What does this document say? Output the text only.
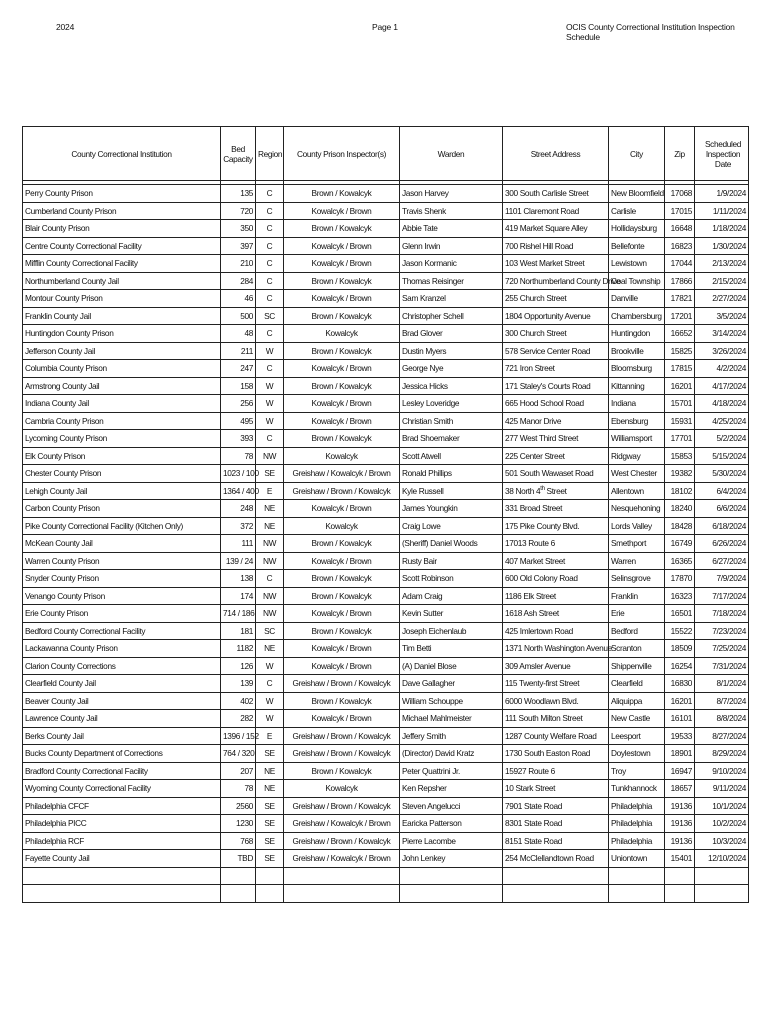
2024	Page 1	OCIS County Correctional Institution Inspection Schedule
County Correctional Institution	Bed Capacity	Region	County Prison Inspector(s)	Warden	Street Address	City	Zip	Scheduled Inspection Date

Perry County Prison	135	C	Brown / Kowalcyk	Jason Harvey	300 South Carlisle Street	New Bloomfield	17068	1/9/2024
Cumberland County Prison	720	C	Kowalcyk / Brown	Travis Shenk	1101 Claremont Road	Carlisle	17015	1/11/2024
Blair County Prison	350	C	Brown / Kowalcyk	Abbie Tate	419 Market Square Alley	Hollidaysburg	16648	1/18/2024
Centre County Correctional Facility	397	C	Kowalcyk / Brown	Glenn Irwin	700 Rishel Hill Road	Bellefonte	16823	1/30/2024
Mifflin County Correctional Facility	210	C	Kowalcyk / Brown	Jason Kormanic	103 West Market Street	Lewistown	17044	2/13/2024
Northumberland County Jail	284	C	Brown / Kowalcyk	Thomas Reisinger	720 Northumberland County Drive	Coal Township	17866	2/15/2024
Montour County Prison	46	C	Kowalcyk / Brown	Sam Kranzel	255 Church Street	Danville	17821	2/27/2024
Franklin County Jail	500	SC	Brown / Kowalcyk	Christopher Schell	1804 Opportunity Avenue	Chambersburg	17201	3/5/2024
Huntingdon County Prison	48	C	Kowalcyk	Brad Glover	300 Church Street	Huntingdon	16652	3/14/2024
Jefferson County Jail	211	W	Brown / Kowalcyk	Dustin Myers	578 Service Center Road	Brookville	15825	3/26/2024
Columbia County Prison	247	C	Kowalcyk / Brown	George Nye	721 Iron Street	Bloomsburg	17815	4/2/2024
Armstrong County Jail	158	W	Brown / Kowalcyk	Jessica Hicks	171 Staley's Courts Road	Kittanning	16201	4/17/2024
Indiana County Jail	256	W	Kowalcyk / Brown	Lesley Loveridge	665 Hood School Road	Indiana	15701	4/18/2024
Cambria County Prison	495	W	Kowalcyk / Brown	Christian Smith	425 Manor Drive	Ebensburg	15931	4/25/2024
Lycoming County Prison	393	C	Brown / Kowalcyk	Brad Shoemaker	277 West Third Street	Williamsport	17701	5/2/2024
Elk County Prison	78	NW	Kowalcyk	Scott Atwell	225 Center Street	Ridgway	15853	5/15/2024
Chester County Prison	1023 / 100	SE	Greishaw / Kowalcyk / Brown	Ronald Phillips	501 South Wawaset Road	West Chester	19382	5/30/2024
Lehigh County Jail	1364 / 400	E	Greishaw / Brown / Kowalcyk	Kyle Russell	38 North 4th Street	Allentown	18102	6/4/2024
Carbon County Prison	248	NE	Kowalcyk / Brown	James Youngkin	331 Broad Street	Nesquehoning	18240	6/6/2024
Pike County Correctional Facility (Kitchen Only)	372	NE	Kowalcyk	Craig Lowe	175 Pike County Blvd.	Lords Valley	18428	6/18/2024
McKean County Jail	111	NW	Brown / Kowalcyk	(Sheriff) Daniel Woods	17013 Route 6	Smethport	16749	6/26/2024
Warren County Prison	139 / 24	NW	Kowalcyk / Brown	Rusty Bair	407 Market Street	Warren	16365	6/27/2024
Snyder County Prison	138	C	Brown / Kowalcyk	Scott Robinson	600 Old Colony Road	Selinsgrove	17870	7/9/2024
Venango County Prison	174	NW	Brown / Kowalcyk	Adam Craig	1186 Elk Street	Franklin	16323	7/17/2024
Erie County Prison	714 / 186	NW	Kowalcyk / Brown	Kevin Sutter	1618 Ash Street	Erie	16501	7/18/2024
Bedford County Correctional Facility	181	SC	Brown / Kowalcyk	Joseph Eichenlaub	425 Imlertown Road	Bedford	15522	7/23/2024
Lackawanna County Prison	1182	NE	Kowalcyk / Brown	Tim Betti	1371 North Washington Avenue	Scranton	18509	7/25/2024
Clarion County Corrections	126	W	Kowalcyk / Brown	(A) Daniel Blose	309 Amsler Avenue	Shippenville	16254	7/31/2024
Clearfield County Jail	139	C	Greishaw / Brown / Kowalcyk	Dave Gallagher	115 Twenty-first Street	Clearfield	16830	8/1/2024
Beaver County Jail	402	W	Brown / Kowalcyk	William Schouppe	6000 Woodlawn Blvd.	Aliquippa	16201	8/7/2024
Lawrence County Jail	282	W	Kowalcyk / Brown	Michael Mahlmeister	111 South Milton Street	New Castle	16101	8/8/2024
Berks County Jail	1396 / 152	E	Greishaw / Brown / Kowalcyk	Jeffery Smith	1287 County Welfare Road	Leesport	19533	8/27/2024
Bucks County Department of Corrections	764 / 320	SE	Greishaw / Brown / Kowalcyk	(Director) David Kratz	1730 South Easton Road	Doylestown	18901	8/29/2024
Bradford County Correctional Facility	207	NE	Brown / Kowalcyk	Peter Quattrini Jr.	15927 Route 6	Troy	16947	9/10/2024
Wyoming County Correctional Facility	78	NE	Kowalcyk	Ken Repsher	10 Stark Street	Tunkhannock	18657	9/11/2024
Philadelphia CFCF	2560	SE	Greishaw / Brown / Kowalcyk	Steven Angelucci	7901 State Road	Philadelphia	19136	10/1/2024
Philadelphia PICC	1230	SE	Greishaw / Kowalcyk / Brown	Earicka Patterson	8301 State Road	Philadelphia	19136	10/2/2024
Philadelphia RCF	768	SE	Greishaw / Brown / Kowalcyk	Pierre Lacombe	8151 State Road	Philadelphia	19136	10/3/2024
Fayette County Jail	TBD	SE	Greishaw / Kowalcyk / Brown	John Lenkey	254 McClellandtown Road	Uniontown	15401	12/10/2024
